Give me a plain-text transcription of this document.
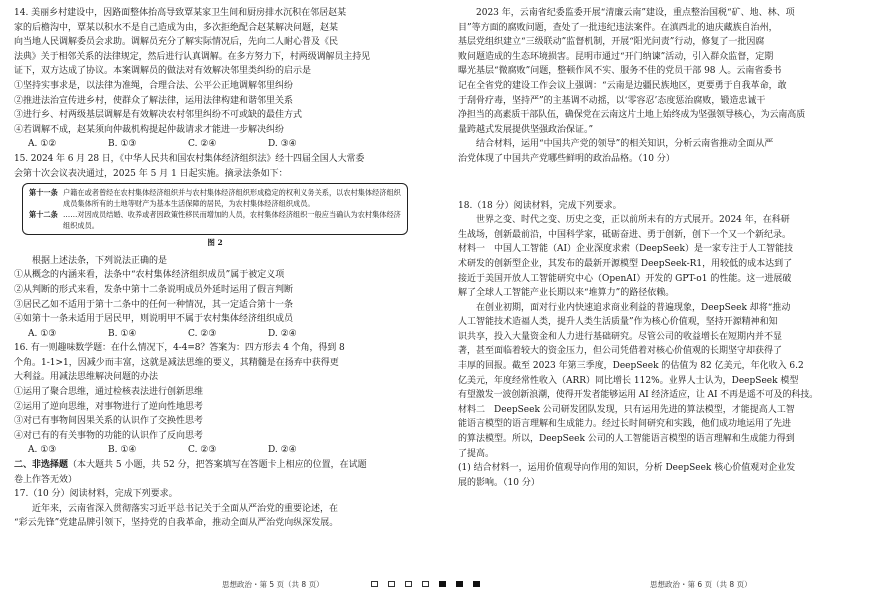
14. 美丽乡村建设中，因路面整体抬高导致覃某家卫生间和厨房排水沉积在邻居赵某

家的后檐沟中，覃某以积水不是自己造成为由，多次拒绝配合赵某解决问题，赵某

向当地人民调解委员会求助。调解员充分了解实际情况后，先向二人耐心普及《民

法典》关于相邻关系的法律规定，然后进行认真调解。在多方努力下，村两级调解员主持见

证下，双方达成了协议。本案调解员的做法对有效解决邻里类纠纷的启示是

①坚持实事求是，以法律为准绳，合理合法、公平公正地调解邻里纠纷

②推进法治宣传进乡村，使群众了解法律，运用法律构建和谐邻里关系

③进行乡、村两级基层调解是有效解决农村邻里纠纷不可或缺的最佳方式

④若调解不成，赵某须向仲裁机构提起仲裁请求才能进一步解决纠纷

A. ①②	B. ①③	C. ②④	D. ③④

15. 2024 年 6 月 28 日，《中华人民共和国农村集体经济组织法》经十四届全国人大常委

会第十次会议表决通过，2025 年 5 月 1 日起实施。摘录法条如下：

第十一条 户籍在或者曾经在农村集体经济组织并与农村集体经济组织形成稳定的权利义务关系，以农村集体经济组织成员集体所有的土地等财产为基本生活保障的居民，为农村集体经济组织成员。
第十二条 ……对因成员结婚、收养或者因政策性移民而增加的人员，农村集体经济组织一般应当确认为农村集体经济组织成员。

图 2

根据上述法条，下列说法正确的是

①从概念的内涵来看，法条中“农村集体经济组织成员”属于被定义项

②从判断的形式来看，发条中第十二条说明成员外延时运用了假言判断

③居民乙如不适用于第十二条中的任何一种情况，其一定适合第十一条

④如第十一条未适用于居民甲，则说明甲不属于农村集体经济组织成员

A. ①③	B. ①④	C. ②③	D. ②④

16. 有一则趣味数学题：在什么情况下，4-4=8？答案为：四方形去 4 个角，得到 8

个角。1-1>1，因减少而丰富，这就是减法思维的要义，其精髓是在扬弃中获得更

大利益。用减法思维解决问题的办法

①运用了聚合思维，通过检核表法进行创新思维

②运用了逆向思维，对事物进行了逆向性地思考

③对已有事物间因果关系的认识作了交换性思考

④对已有的有关事物的功能的认识作了反向思考

A. ①③	B. ①④	C. ②③	D. ②④

二、非选择题（本大题共 5 小题，共 52 分，把答案填写在答题卡上相应的位置，在试题

卷上作答无效）

17.（10 分）阅读材料，完成下列要求。

近年来，云南省深入贯彻落实习近平总书记关于全面从严治党的重要论述，在

“彩云先锋”党建品牌引领下，坚持党的自我革命，推动全面从严治党向纵深发展。

2023 年，云南省纪委监委开展“清廉云南”建设，重点整治国税“矿、地、林、项

目”等方面的腐败问题，查处了一批违纪违法案件。在滇西北的迪庆藏族自治州，

基层党组织建立“三级联动”监督机制，开展“阳光问责”行动，修复了一批因腐

败问题造成的生态环境损害。昆明市通过“开门纳谏”活动，引入群众监督，定期

曝光基层“微腐败”问题，整顿作风不实、服务不佳的党员干部 98 人。云南省委书

记在全省党的建设工作会议上强调：“云南是边疆民族地区，更要勇于自我革命，敢

于刮骨疗毒，坚持严”的主基调不动摇，以‘零容忍’态度惩治腐败，锻造忠诚干

净担当的高素质干部队伍，确保党在云南这片土地上始终成为坚强领导核心，为云南高质

量跨越式发展提供坚强政治保证。”

结合材料，运用“中国共产党的领导”的相关知识，分析云南省推动全面从严

治党体现了中国共产党哪些鲜明的政治品格。（10 分）

18.（18 分）阅读材料，完成下列要求。

世界之变、时代之变、历史之变，正以前所未有的方式展开。2024 年，在科研

生战场，创新最前沿，中国科学家，砥砺奋进、勇于创新，创下一个又一个新纪录。

材料一　中国人工智能（AI）企业深度求索（DeepSeek）是一家专注于人工智能技

术研发的创新型企业，其发布的最新开源模型 DeepSeek-R1，用较低的成本达到了

接近于美国开放人工智能研究中心（OpenAI）开发的 GPT-o1 的性能。这一进展破

解了全球人工智能产业长期以来“堆算力”的路径依赖。

在创业初期，面对行业内快速追求商业利益的普遍现象，DeepSeek 却将“推动

人工智能技术造福人类，提升人类生活质量”作为核心价值观，坚持开源精神和知

识共享，投入大量资金和人力进行基础研究。尽管公司的收益增长在短期内并不显

著，甚至面临着较大的资金压力，但公司凭借着对核心价值观的长期坚守却获得了

丰厚的回报。截至 2023 年第三季度，DeepSeek 的估值为 82 亿美元，年化收入 6.2

亿美元，年度经常性收入（ARR）同比增长 112%。业界人士认为，DeepSeek 模型

有望激发一波创新浪潮，使得开发者能够运用 AI 经济适应，让 AI 不再是遥不可及的科技。

材料二　DeepSeek 公司研发团队发现，只有运用先进的算法模型，才能提高人工智

能语言模型的语言理解和生成能力。经过长时间研究和实践，他们成功地运用了先进

的算法模型。所以，DeepSeek 公司的人工智能语言模型的语言理解和生成能力得到

了提高。

(1) 结合材料一，运用价值观导向作用的知识，分析 DeepSeek 核心价值观对企业发

展的影响。（10 分）

思想政治・第 5 页（共 8 页）	思想政治・第 6 页（共 8 页）
